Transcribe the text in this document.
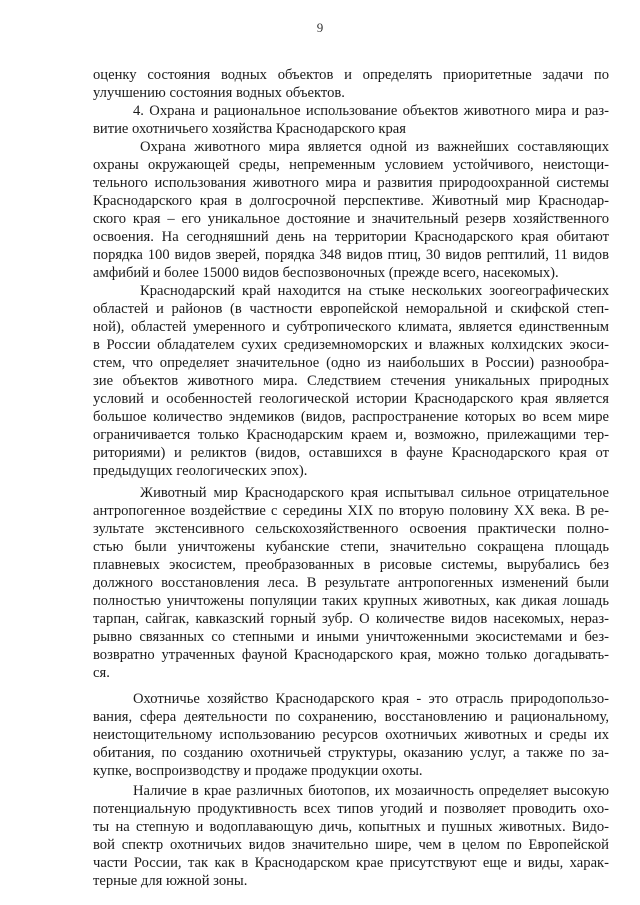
9
оценку состояния водных объектов и определять приоритетные задачи по
улучшению состояния водных объектов.
4. Охрана и рациональное использование объектов животного мира и раз-
витие охотничьего хозяйства Краснодарского края
Охрана животного мира является одной из важнейших составляющих
охраны окружающей среды, непременным условием устойчивого, неистощи-
тельного использования животного мира и развития природоохранной системы
Краснодарского края в долгосрочной перспективе. Животный мир Краснодар-
ского края – его уникальное достояние и значительный резерв хозяйственного
освоения. На сегодняшний день на территории Краснодарского края обитают
порядка 100 видов зверей, порядка 348 видов птиц, 30 видов рептилий, 11 видов
амфибий и более 15000 видов беспозвоночных (прежде всего, насекомых).
Краснодарский край находится на стыке нескольких зоогеографических
областей и районов (в частности европейской неморальной и скифской степ-
ной), областей умеренного и субтропического климата, является единственным
в России обладателем сухих средиземноморских и влажных колхидских экоси-
стем, что определяет значительное (одно из наибольших в России) разнообра-
зие объектов животного мира. Следствием стечения уникальных природных
условий и особенностей геологической истории Краснодарского края является
большое количество эндемиков (видов, распространение которых во всем мире
ограничивается только Краснодарским краем и, возможно, прилежащими тер-
риториями) и реликтов (видов, оставшихся в фауне Краснодарского края от
предыдущих геологических эпох).
Животный мир Краснодарского края испытывал сильное отрицательное
антропогенное воздействие с середины XIX по вторую половину XX века. В ре-
зультате экстенсивного сельскохозяйственного освоения практически полно-
стью были уничтожены кубанские степи, значительно сокращена площадь
плавневых экосистем, преобразованных в рисовые системы, вырубались без
должного восстановления леса. В результате антропогенных изменений были
полностью уничтожены популяции таких крупных животных, как дикая лошадь
тарпан, сайгак, кавказский горный зубр. О количестве видов насекомых, нераз-
рывно связанных со степными и иными уничтоженными экосистемами и без-
возвратно утраченных фауной Краснодарского края, можно только догадывать-
ся.
Охотничье хозяйство Краснодарского края - это отрасль природопользо-
вания, сфера деятельности по сохранению, восстановлению и рациональному,
неистощительному использованию ресурсов охотничьих животных и среды их
обитания, по созданию охотничьей структуры, оказанию услуг, а также по за-
купке, воспроизводству и продаже продукции охоты.
Наличие в крае различных биотопов, их мозаичность определяет высокую
потенциальную продуктивность всех типов угодий и позволяет проводить охо-
ты на степную и водоплавающую дичь, копытных и пушных животных. Видо-
вой спектр охотничьих видов значительно шире, чем в целом по Европейской
части России, так как в Краснодарском крае присутствуют еще и виды, харак-
терные для южной зоны.
